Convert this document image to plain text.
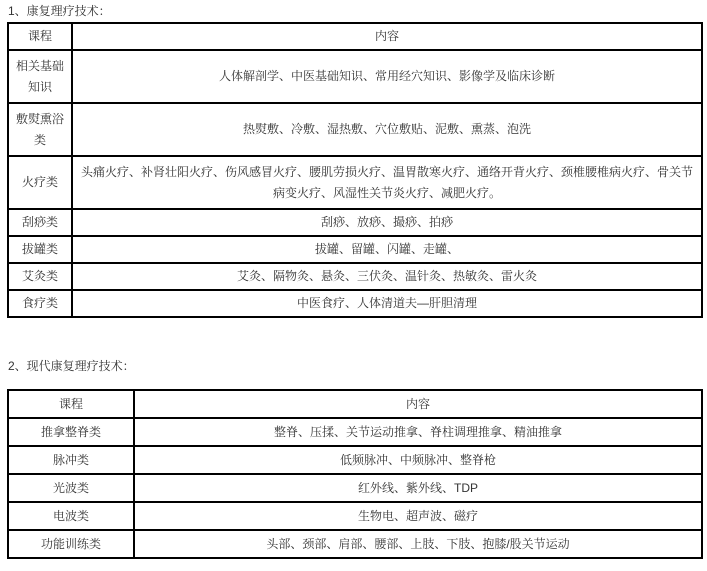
1、康复理疗技术：

课程	内容
相关基础知识	人体解剖学、中医基础知识、常用经穴知识、影像学及临床诊断
敷熨熏浴类	热熨敷、冷敷、湿热敷、穴位敷贴、泥敷、熏蒸、泡洗
火疗类	头痛火疗、补肾壮阳火疗、伤风感冒火疗、腰肌劳损火疗、温胃散寒火疗、通络开背火疗、颈椎腰椎病火疗、骨关节病变火疗、风湿性关节炎火疗、减肥火疗。
刮痧类	刮痧、放痧、撮痧、拍痧
拔罐类	拔罐、留罐、闪罐、走罐、
艾灸类	艾灸、隔物灸、悬灸、三伏灸、温针灸、热敏灸、雷火灸
食疗类	中医食疗、人体清道夫—肝胆清理

2、现代康复理疗技术：

课程	内容
推拿整脊类	整脊、压揉、关节运动推拿、脊柱调理推拿、精油推拿
脉冲类	低频脉冲、中频脉冲、整脊枪
光波类	红外线、紫外线、TDP
电波类	生物电、超声波、磁疗
功能训练类	头部、颈部、肩部、腰部、上肢、下肢、抱膝/股关节运动
